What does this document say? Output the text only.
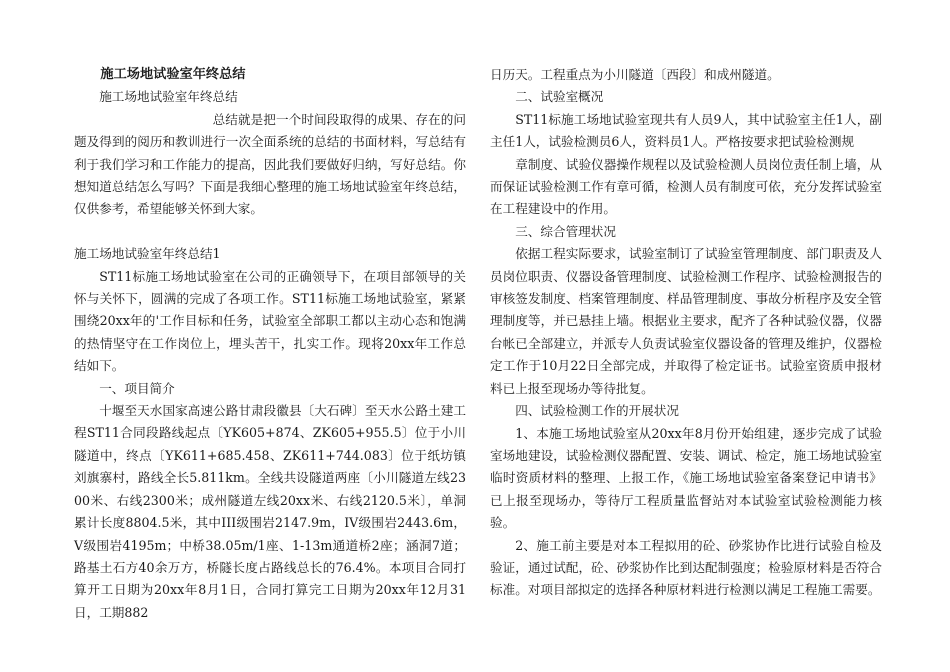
施工场地试验室年终总结

施工场地试验室年终总结

总结就是把一个时间段取得的成果、存在的问题及得到的阅历和教训进行一次全面系统的总结的书面材料，写总结有利于我们学习和工作能力的提高，因此我们要做好归纳，写好总结。你想知道总结怎么写吗？下面是我细心整理的施工场地试验室年终总结，仅供参考，希望能够关怀到大家。

施工场地试验室年终总结1

ST11标施工场地试验室在公司的正确领导下，在项目部领导的关怀与关怀下，圆满的完成了各项工作。ST11标施工场地试验室，紧紧围绕20xx年的'工作目标和任务，试验室全部职工都以主动心态和饱满的热情坚守在工作岗位上，埋头苦干，扎实工作。现将20xx年工作总结如下。

一、项目简介

十堰至天水国家高速公路甘肃段徽县〔大石碑〕至天水公路土建工程ST11合同段路线起点〔YK605+874、ZK605+955.5〕位于小川隧道中，终点〔YK611+685.458、ZK611+744.083〕位于纸坊镇刘旗寨村，路线全长5.811km。全线共设隧道两座〔小川隧道左线2300米、右线2300米；成州隧道左线20xx米、右线2120.5米〕，单洞累计长度8804.5米，其中III级围岩2147.9m，IV级围岩2443.6m，V级围岩4195m；中桥38.05m/1座、1-13m通道桥2座；涵洞7道；路基土石方40余万方，桥隧长度占路线总长的76.4%。本项目合同打算开工日期为20xx年8月1日，合同打算完工日期为20xx年12月31日，工期882

日历天。工程重点为小川隧道〔西段〕和成州隧道。

二、试验室概况

ST11标施工场地试验室现共有人员9人，其中试验室主任1人，副主任1人，试验检测员6人，资料员1人。严格按要求把试验检测规

章制度、试验仪器操作规程以及试验检测人员岗位责任制上墙，从而保证试验检测工作有章可循，检测人员有制度可依，充分发挥试验室在工程建设中的作用。

三、综合管理状况

依据工程实际要求，试验室制订了试验室管理制度、部门职责及人员岗位职责、仪器设备管理制度、试验检测工作程序、试验检测报告的审核签发制度、档案管理制度、样品管理制度、事故分析程序及安全管理制度等，并已悬挂上墙。根据业主要求，配齐了各种试验仪器，仪器台帐已全部建立，并派专人负责试验室仪器设备的管理及维护，仪器检定工作于10月22日全部完成，并取得了检定证书。试验室资质申报材料已上报至现场办等待批复。

四、试验检测工作的开展状况

1、本施工场地试验室从20xx年8月份开始组建，逐步完成了试验室场地建设，试验检测仪器配置、安装、调试、检定，施工场地试验室临时资质材料的整理、上报工作，《施工场地试验室备案登记申请书》已上报至现场办，等待厅工程质量监督站对本试验室试验检测能力核验。

2、施工前主要是对本工程拟用的砼、砂浆协作比进行试验自检及验证，通过试配，砼、砂浆协作比到达配制强度；检验原材料是否符合标准。对项目部拟定的选择各种原材料进行检测以满足工程施工需要。
